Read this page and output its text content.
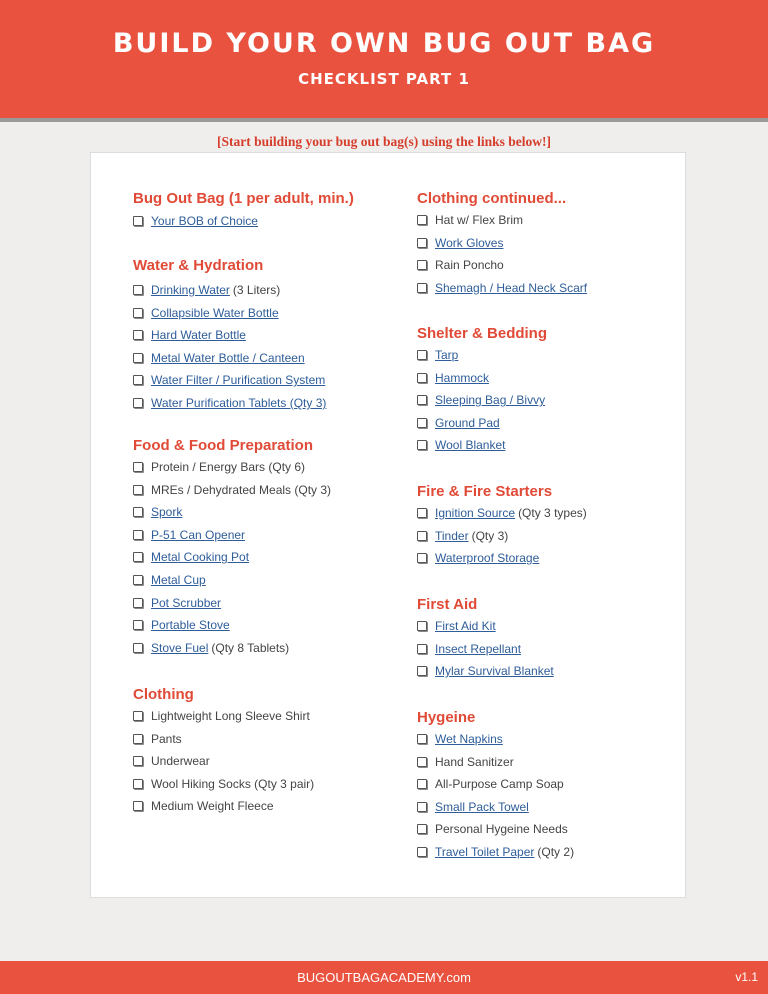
BUILD YOUR OWN BUG OUT BAG
CHECKLIST PART 1
[Start building your bug out bag(s) using the links below!]
Bug Out Bag (1 per adult, min.)
Your BOB of Choice
Water & Hydration
Drinking Water (3 Liters)
Collapsible Water Bottle
Hard Water Bottle
Metal Water Bottle / Canteen
Water Filter / Purification System
Water Purification Tablets (Qty 3)
Food & Food Preparation
Protein / Energy Bars (Qty 6)
MREs / Dehydrated Meals (Qty 3)
Spork
P-51 Can Opener
Metal Cooking Pot
Metal Cup
Pot Scrubber
Portable Stove
Stove Fuel (Qty 8 Tablets)
Clothing
Lightweight Long Sleeve Shirt
Pants
Underwear
Wool Hiking Socks (Qty 3 pair)
Medium Weight Fleece
Clothing continued...
Hat w/ Flex Brim
Work Gloves
Rain Poncho
Shemagh / Head Neck Scarf
Shelter & Bedding
Tarp
Hammock
Sleeping Bag / Bivvy
Ground Pad
Wool Blanket
Fire & Fire Starters
Ignition Source (Qty 3 types)
Tinder (Qty 3)
Waterproof Storage
First Aid
First Aid Kit
Insect Repellant
Mylar Survival Blanket
Hygeine
Wet Napkins
Hand Sanitizer
All-Purpose Camp Soap
Small Pack Towel
Personal Hygeine Needs
Travel Toilet Paper (Qty 2)
BUGOUTBAGACADEMY.com	v1.1
